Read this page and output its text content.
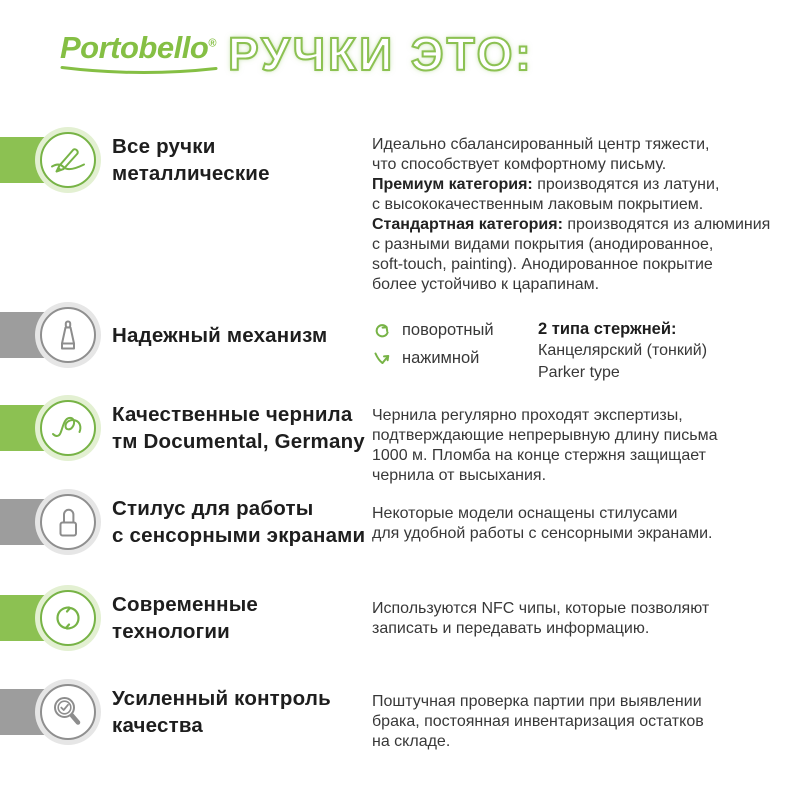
Portobello® РУЧКИ ЭТО:
Все ручки
металлические
Идеально сбалансированный центр тяжести,
что способствует комфортному письму.
Премиум категория: производятся из латуни,
с высококачественным лаковым покрытием.
Стандартная категория: производятся из алюминия
с разными видами покрытия (анодированное,
soft-touch, painting). Анодированное покрытие
более устойчиво к царапинам.
Надежный механизм	поворотный
нажимной
2 типа стержней:
Канцелярский (тонкий)
Parker type
Качественные чернила
тм Documental, Germany
Чернила регулярно проходят экспертизы,
подтверждающие непрерывную длину письма
1000 м. Пломба на конце стержня защищает
чернила от высыхания.
Стилус для работы
с сенсорными экранами
Некоторые модели оснащены стилусами
для удобной работы с сенсорными экранами.
Современные
технологии
Используются NFC чипы, которые позволяют
записать и передавать информацию.
Усиленный контроль
качества
Поштучная проверка партии при выявлении
брака, постоянная инвентаризация остатков
на складе.
